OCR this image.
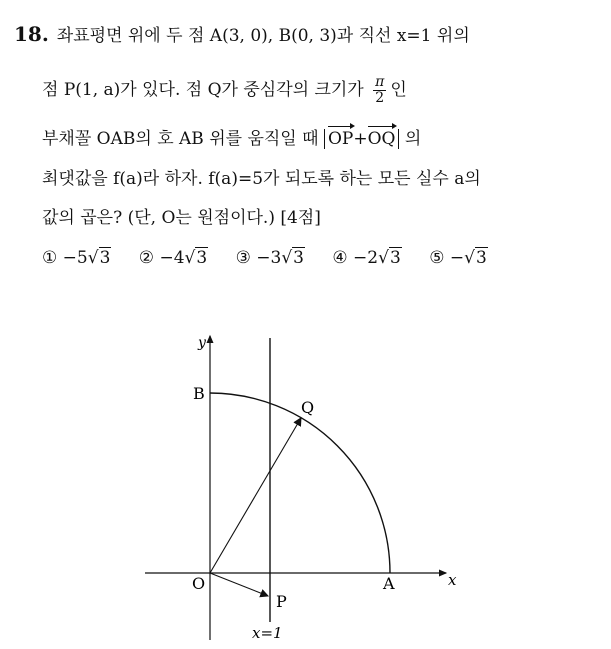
18. 좌표평면 위에 두 점 A(3, 0), B(0, 3)과 직선 x=1 위의
점 P(1, a)가 있다. 점 Q가 중심각의 크기가 $\frac{\pi}{2}$ 인
부채꼴 OAB의 호 AB 위를 움직일 때 OP+OQ 의
최댓값을 f(a)라 하자. f(a)=5가 되도록 하는 모든 실수 a의
값의 곱은? (단, O는 원점이다.) [4점]
① −5√3 ② −4√3 ③ −3√3 ④ −2√3 ⑤ −√3
y
x
B
Q
O	A
P
x=1
